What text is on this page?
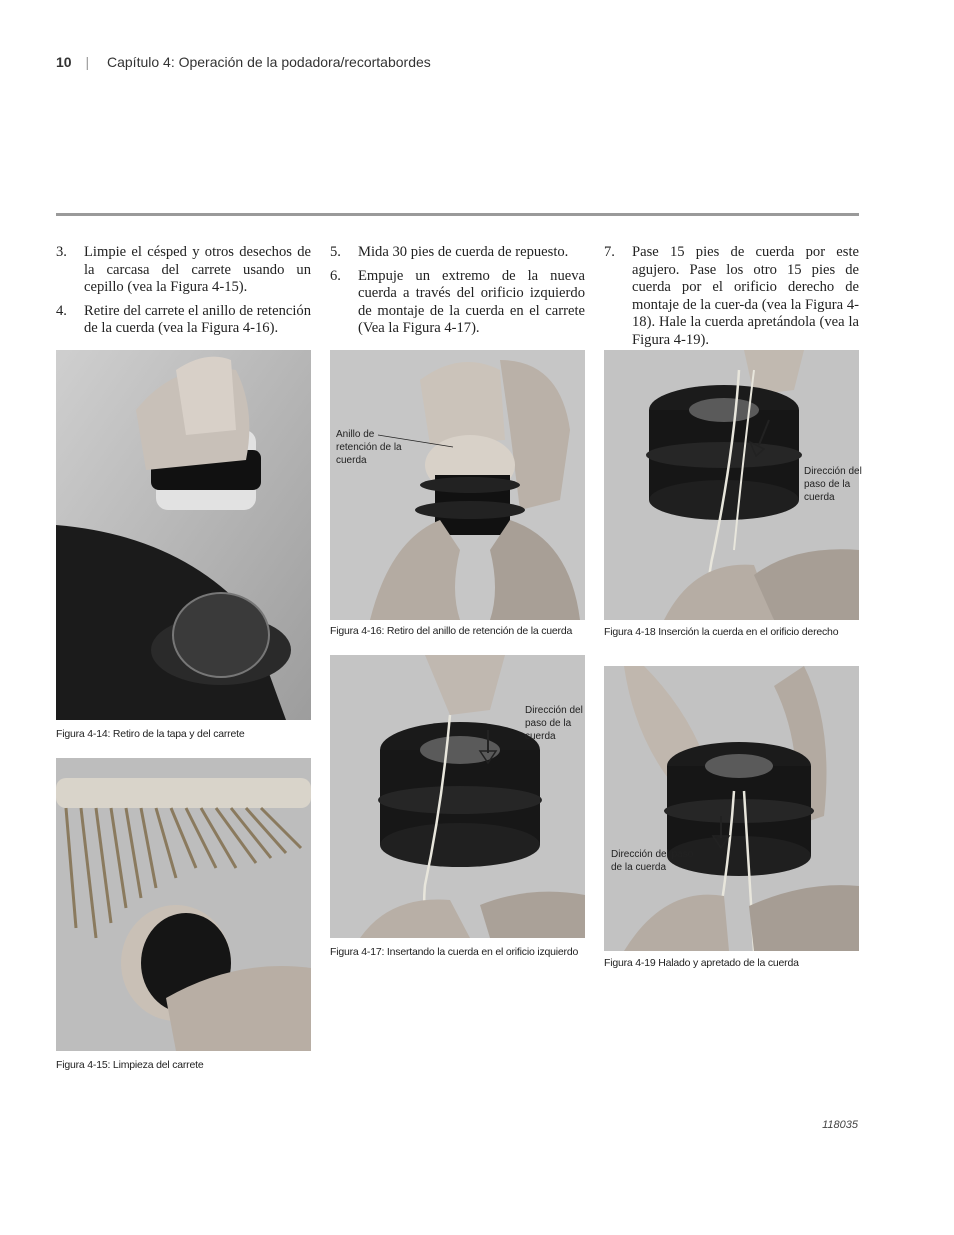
10 | Capítulo 4: Operación de la podadora/recortabordes
3.	Limpie el césped y otros desechos de la carcasa del carrete usando un cepillo (vea la Figura 4-15).
4.	Retire del carrete el anillo de retención de la cuerda (vea la Figura 4-16).
5.	Mida 30 pies de cuerda de repuesto.
6.	Empuje un extremo de la nueva cuerda a través del orificio izquierdo de montaje de la cuerda en el carrete (Vea la Figura 4-17).
7.	Pase 15 pies de cuerda por este agujero. Pase los otro 15 pies de cuerda por el orificio derecho de montaje de la cuer-da (vea la Figura 4-18). Hale la cuerda apretándola (vea la Figura 4-19).
Figura 4-14: Retiro de la tapa y del carrete
Figura 4-15: Limpieza del carrete
Anillo de retención de la cuerda
Figura 4-16: Retiro del anillo de retención de la cuerda
Dirección del paso de la cuerda
Figura 4-17: Insertando la cuerda en el orificio izquierdo
Dirección del paso de la cuerda
Figura 4-18 Inserción la cuerda en el orificio derecho
Dirección del paso de la cuerda
Figura 4-19 Halado y apretado de la cuerda
118035
